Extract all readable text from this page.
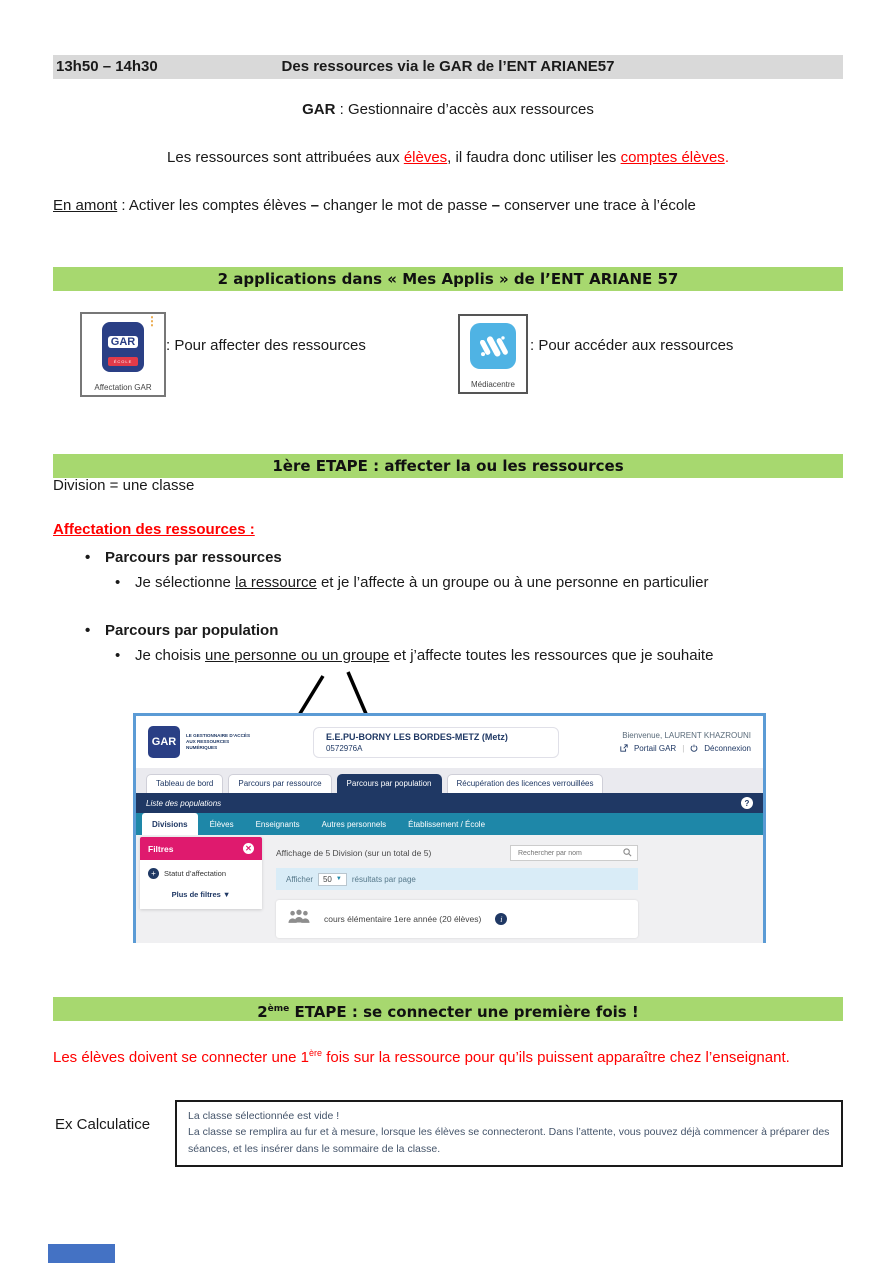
13h50 – 14h30	Des ressources via le GAR de l’ENT ARIANE57

GAR : Gestionnaire d’accès aux ressources

Les ressources sont attribuées aux élèves, il faudra donc utiliser les comptes élèves.

En amont : Activer les comptes élèves – changer le mot de passe – conserver une trace à l’école

2 applications dans « Mes Applis » de l’ENT ARIANE 57
⋮
GAR
ÉCOLE
Affectation GAR

: Pour affecter des ressources

Médiacentre

: Pour accéder aux ressources

1ère ETAPE : affecter la ou les ressources

Division = une classe

Affectation des ressources :

• Parcours par ressources

• Je sélectionne la ressource et je l’affecte à un groupe ou à une personne en particulier

• Parcours par population

• Je choisis une personne ou un groupe et j’affecte toutes les ressources que je souhaite

GAR
LE GESTIONNAIRE D’ACCÈS AUX RESSOURCES NUMÉRIQUES
E.E.PU-BORNY LES BORDES-METZ (Metz)
0572976A
Bienvenue, LAURENT KHAZROUNI
Portail GAR |	Déconnexion
Tableau de bord	Parcours par ressource	Parcours par population	Récupération des licences verrouillées
Liste des populations	?
Divisions	Élèves	Enseignants	Autres personnels	Établissement / École
Filtres	✕
+	Statut d’affectation
Plus de filtres ▼
Affichage de 5 Division (sur un total de 5)
Rechercher par nom
Afficher 50 ▼ résultats par page
cours élémentaire 1ere année (20 élèves)	i
2ème ETAPE : se connecter une première fois !

Les élèves doivent se connecter une 1ère fois sur la ressource pour qu’ils puissent apparaître chez l’enseignant.

Ex Calculatice	La classe sélectionnée est vide !

La classe se remplira au fur et à mesure, lorsque les élèves se connecteront. Dans l’attente, vous pouvez déjà commencer à préparer des séances, et les insérer dans le sommaire de la classe.
